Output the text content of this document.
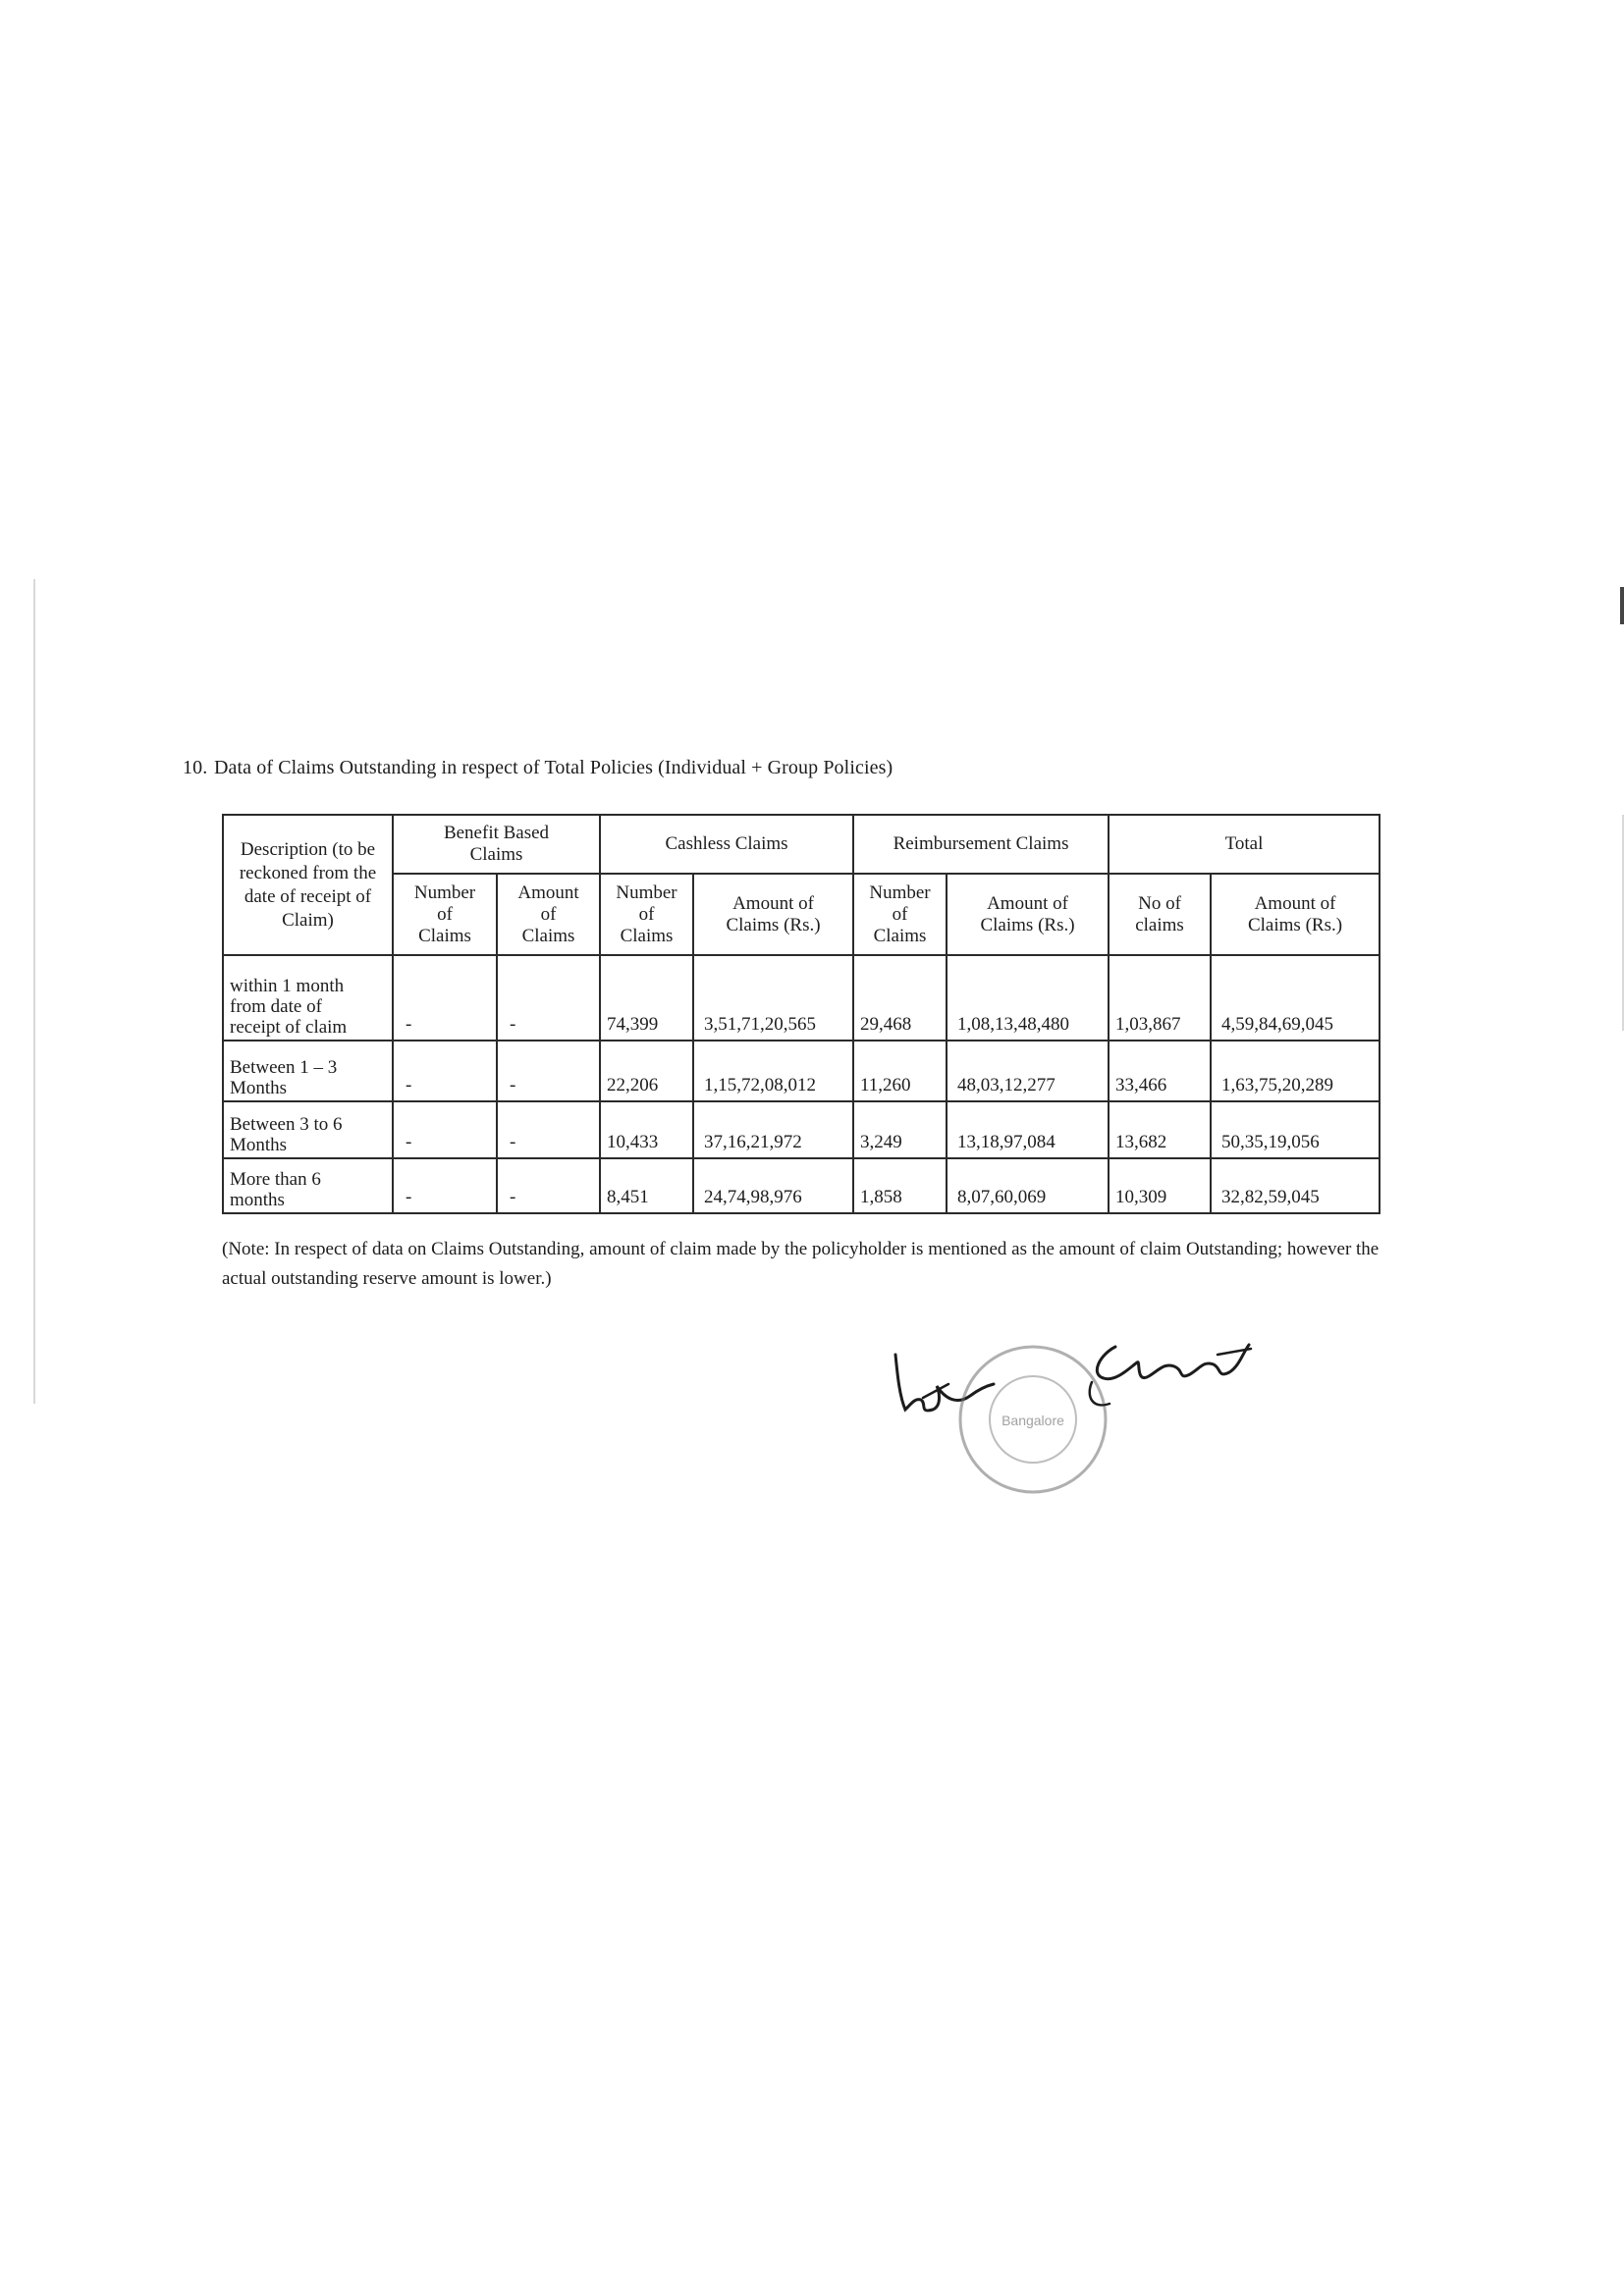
10. Data of Claims Outstanding in respect of Total Policies (Individual + Group Policies)
Description (to be reckoned from the date of receipt of Claim)	Benefit Based Claims		Cashless Claims		Reimbursement Claims		Total	
	Number of Claims	Amount of Claims	Number of Claims	Amount of Claims (Rs.)	Number of Claims	Amount of Claims (Rs.)	No of claims	Amount of Claims (Rs.)
within 1 month from date of receipt of claim	-	-	74,399	3,51,71,20,565	29,468	1,08,13,48,480	1,03,867	4,59,84,69,045
Between 1 – 3 Months	-	-	22,206	1,15,72,08,012	11,260	48,03,12,277	33,466	1,63,75,20,289
Between 3 to 6 Months	-	-	10,433	37,16,21,972	3,249	13,18,97,084	13,682	50,35,19,056
More than 6 months	-	-	8,451	24,74,98,976	1,858	8,07,60,069	10,309	32,82,59,045
(Note: In respect of data on Claims Outstanding, amount of claim made by the policyholder is mentioned as the amount of claim Outstanding; however the actual outstanding reserve amount is lower.)
Bangalore
